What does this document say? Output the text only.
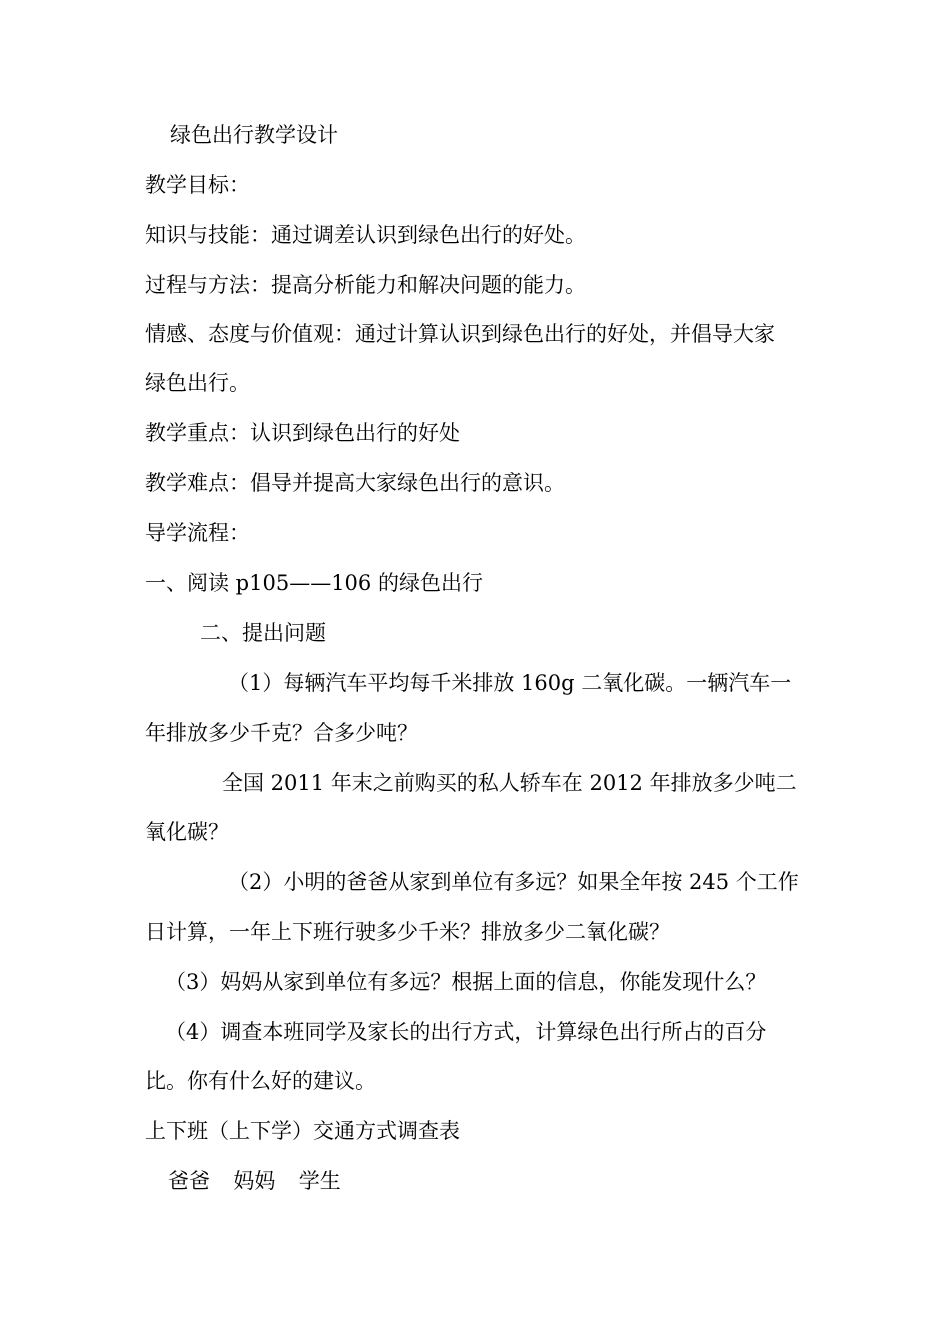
绿色出行教学设计
教学目标：
知识与技能：通过调差认识到绿色出行的好处。
过程与方法：提高分析能力和解决问题的能力。
情感、态度与价值观：通过计算认识到绿色出行的好处，并倡导大家
绿色出行。
教学重点：认识到绿色出行的好处
教学难点：倡导并提高大家绿色出行的意识。
导学流程：
一、阅读 p105——106 的绿色出行
二、提出问题
（1）每辆汽车平均每千米排放 160g 二氧化碳。一辆汽车一
年排放多少千克？合多少吨？
全国 2011 年末之前购买的私人轿车在 2012 年排放多少吨二
氧化碳？
（2）小明的爸爸从家到单位有多远？如果全年按 245 个工作
日计算，一年上下班行驶多少千米？排放多少二氧化碳？
（3）妈妈从家到单位有多远？根据上面的信息，你能发现什么？
（4）调查本班同学及家长的出行方式，计算绿色出行所占的百分
比。你有什么好的建议。
上下班（上下学）交通方式调查表
爸爸 妈妈 学生
